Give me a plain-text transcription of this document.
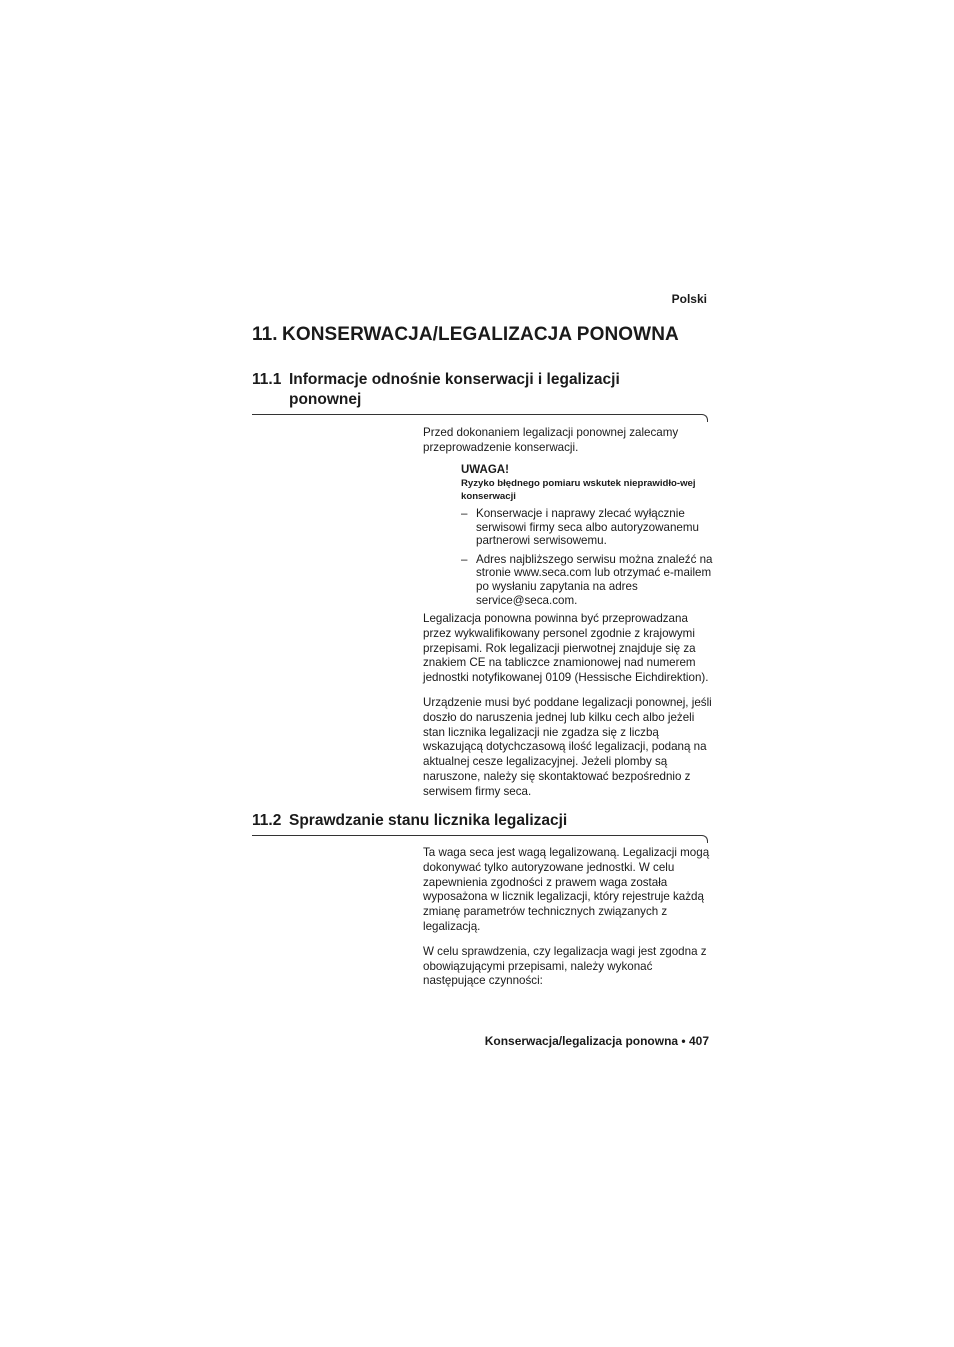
Polski
11. KONSERWACJA/LEGALIZACJA PONOWNA
11.1 Informacje odnośnie konserwacji i legalizacji ponownej

Przed dokonaniem legalizacji ponownej zalecamy przeprowadzenie konserwacji.

UWAGA!
Ryzyko błędnego pomiaru wskutek nieprawidło-wej konserwacji
– Konserwacje i naprawy zlecać wyłącznie serwisowi firmy seca albo autoryzowanemu partnerowi serwisowemu.
– Adres najbliższego serwisu można znaleźć na stronie www.seca.com lub otrzymać e-mailem po wysłaniu zapytania na adres service@seca.com.

Legalizacja ponowna powinna być przeprowadzana przez wykwalifikowany personel zgodnie z krajowymi przepisami. Rok legalizacji pierwotnej znajduje się za znakiem CE na tabliczce znamionowej nad numerem jednostki notyfikowanej 0109 (Hessische Eichdirektion).

Urządzenie musi być poddane legalizacji ponownej, jeśli doszło do naruszenia jednej lub kilku cech albo jeżeli stan licznika legalizacji nie zgadza się z liczbą wskazującą dotychczasową ilość legalizacji, podaną na aktualnej cesze legalizacyjnej. Jeżeli plomby są naruszone, należy się skontaktować bezpośrednio z serwisem firmy seca.

11.2 Sprawdzanie stanu licznika legalizacji

Ta waga seca jest wagą legalizowaną. Legalizacji mogą dokonywać tylko autoryzowane jednostki. W celu zapewnienia zgodności z prawem waga została wyposażona w licznik legalizacji, który rejestruje każdą zmianę parametrów technicznych związanych z legalizacją.

W celu sprawdzenia, czy legalizacja wagi jest zgodna z obowiązującymi przepisami, należy wykonać następujące czynności:

Konserwacja/legalizacja ponowna • 407
